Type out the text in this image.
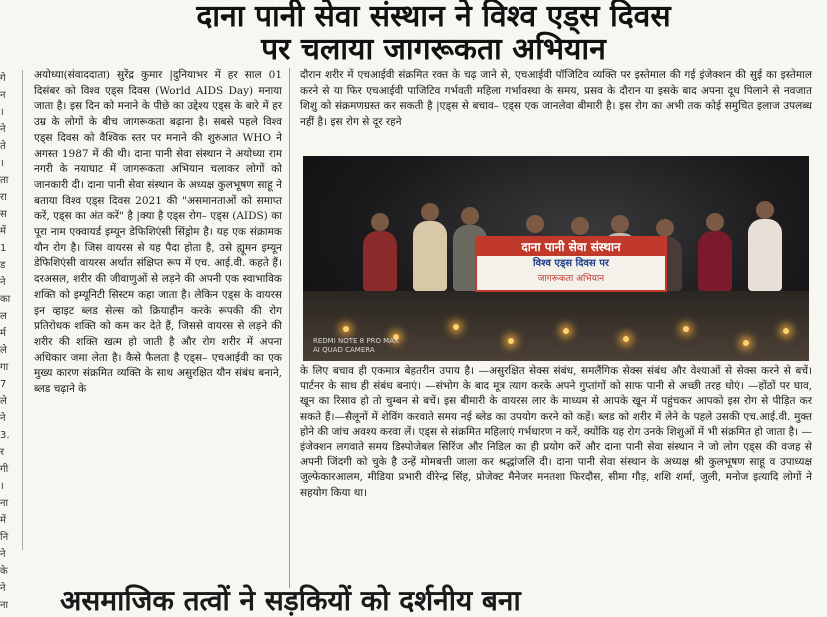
दाना पानी सेवा संस्थान ने विश्व एड्स दिवस
पर चलाया जागरूकता अभियान
गे
न
।
ने
ते
।
ता
रा
स
में
1
ड
ने
का
ल
र्म
ले
गा
7
ले
ने
3.
र
गी
।
ना
में
नि
ने
के
ने
ना
अयोध्या(संवाददाता) सुरेंद्र कुमार |दुनियाभर में हर साल 01 दिसंबर को विश्व एड्स दिवस (World AIDS Day) मनाया जाता है। इस दिन को मनाने के पीछे का उद्देश्य एड्स के बारे में हर उम्र के लोगों के बीच जागरूकता बढ़ाना है। सबसे पहले विश्व एड्स दिवस को वैश्विक स्तर पर मनाने की शुरुआत WHO ने अगस्त 1987 में की थी। दाना पानी सेवा संस्थान ने अयोध्या राम नगरी के नयाघाट में जागरूकता अभियान चलाकर लोगों को जानकारी दी। दाना पानी सेवा संस्थान के अध्यक्ष कुलभूषण साहू ने बताया विश्व एड्स दिवस 2021 की "असमानताओं को समाप्त करें, एड्स का अंत करें" है |क्या है एड्स रोग– एड्स (AIDS) का पूरा नाम एक्वायर्ड इम्यून डेफिशिएंसी सिंड्रोम है। यह एक संक्रामक यौन रोग है। जिस वायरस से यह पैदा होता है, उसे ह्यूमन इम्यून डेफिशिएंसी वायरस अर्थात संक्षिप्त रूप में एच. आई.वी. कहते हैं। दरअसल, शरीर की जीवाणुओं से लड़ने की अपनी एक स्वाभाविक शक्ति को इम्यूनिटी सिस्टम कहा जाता है। लेकिन एड्स के वायरस इन व्हाइट ब्लड सेल्स को क्रियाहीन करके रूपकी की रोग प्रतिरोधक शक्ति को कम कर देते हैं, जिससे वायरस से लड़ने की शरीर की शक्ति खत्म हो जाती है और रोग शरीर में अपना अधिकार जमा लेता है। कैसे फैलता है एड्स– एचआईवी का एक मुख्य कारण संक्रमित व्यक्ति के साथ असुरक्षित यौन संबंध बनाने, ब्लड चढ़ाने के
दौरान शरीर में एचआईवी संक्रमित रक्त के चढ़ जाने से, एचआईवी पॉजिटिव व्यक्ति पर इस्तेमाल की गई इंजेक्शन की सुई का इस्तेमाल करने से या फिर एचआईवी पाजिटिव गर्भवती महिला गर्भावस्था के समय, प्रसव के दौरान या इसके बाद अपना दूध पिलाने से नवजात शिशु को संक्रमणग्रस्त कर सकती है |एड्स से बचाव– एड्स एक जानलेवा बीमारी है। इस रोग का अभी तक कोई समुचित इलाज उपलब्ध नहीं है। इस रोग से दूर रहने
दाना पानी सेवा संस्थान
विश्व एड्स दिवस पर
जागरूकता अभियान
REDMI NOTE 8 PRO MAX
AI QUAD CAMERA
के लिए बचाव ही एकमात्र बेहतरीन उपाय है। —असुरक्षित सेक्स संबंध, समलैंगिक सेक्स संबंध और वेश्याओं से सेक्स करने से बचें। पार्टनर के साथ ही संबंध बनाएं। —संभोग के बाद मूत्र त्याग करके अपने गुप्तांगों को साफ पानी से अच्छी तरह धोएं। —होंठों पर घाव, खून का रिसाव हो तो चुम्बन से बचें। इस बीमारी के वायरस लार के माध्यम से आपके खून में पहुंचकर आपको इस रोग से पीड़ित कर सकते हैं।—सैलूनों में शेविंग करवाते समय नई ब्लेड का उपयोग करने को कहें। ब्लड को शरीर में लेने के पहले उसकी एच.आई.वी. मुक्त होने की जांच अवश्य करवा लें। एड्स से संक्रमित महिलाएं गर्भधारण न करें, क्योंकि यह रोग उनके शिशुओं में भी संक्रमित हो जाता है। —इंजेक्शन लगवाते समय डिस्पोजेबल सिरिंज और निडिल का ही प्रयोग करें और दाना पानी सेवा संस्थान ने जो लोग एड्स की वजह से अपनी जिंदगी को चुके है उन्हें मोमबत्ती जाला कर श्रद्धांजलि दी। दाना पानी सेवा संस्थान के अध्यक्ष श्री कुलभूषण साहू व उपाध्यक्ष जुल्फेकारआलम, मीडिया प्रभारी वीरेन्द्र सिंह, प्रोजेक्ट मैनेजर मनतशा फिरदौस, सीमा गौड़, शशि शर्मा, जुली, मनोज इत्यादि लोगों ने सहयोग किया था।
असमाजिक तत्वों ने सड़कियों को दर्शनीय बना
